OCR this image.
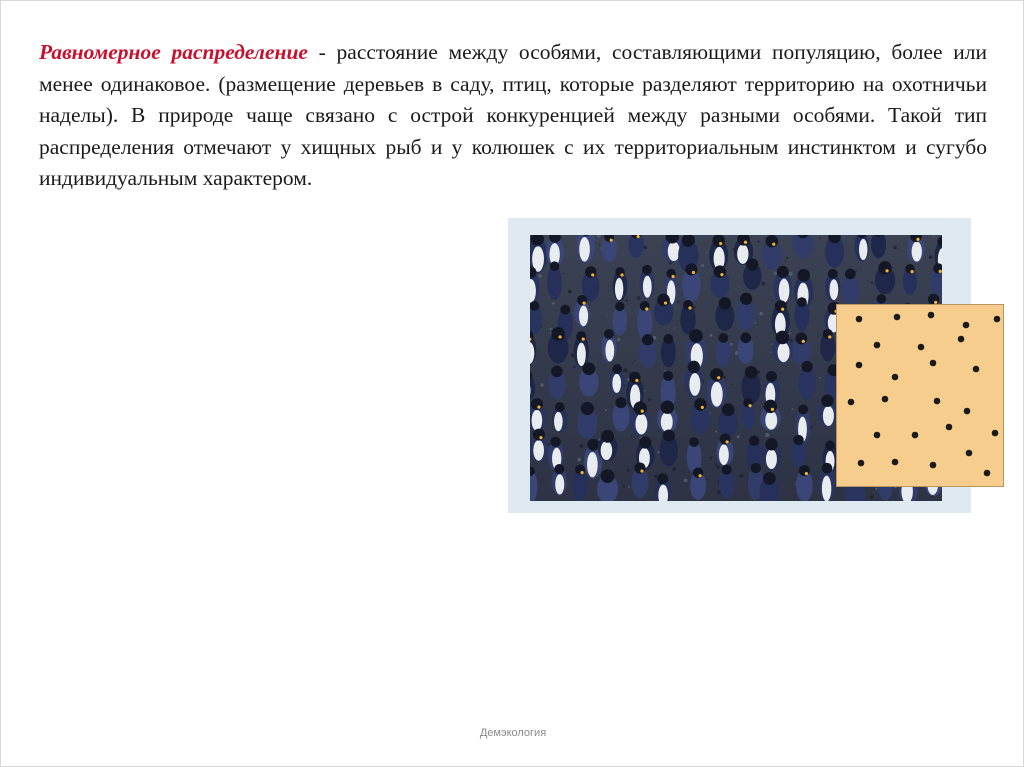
Равномерное распределение - расстояние между особями, составляющими популяцию, более или менее одинаковое. (размещение деревьев в саду, птиц, которые разделяют территорию на охотничьи наделы). В природе чаще связано с острой конкуренцией между разными особями. Такой тип распределения отмечают у хищных рыб и у колюшек с их территориальным инстинктом и сугубо индивидуальным характером.

Демэкология
